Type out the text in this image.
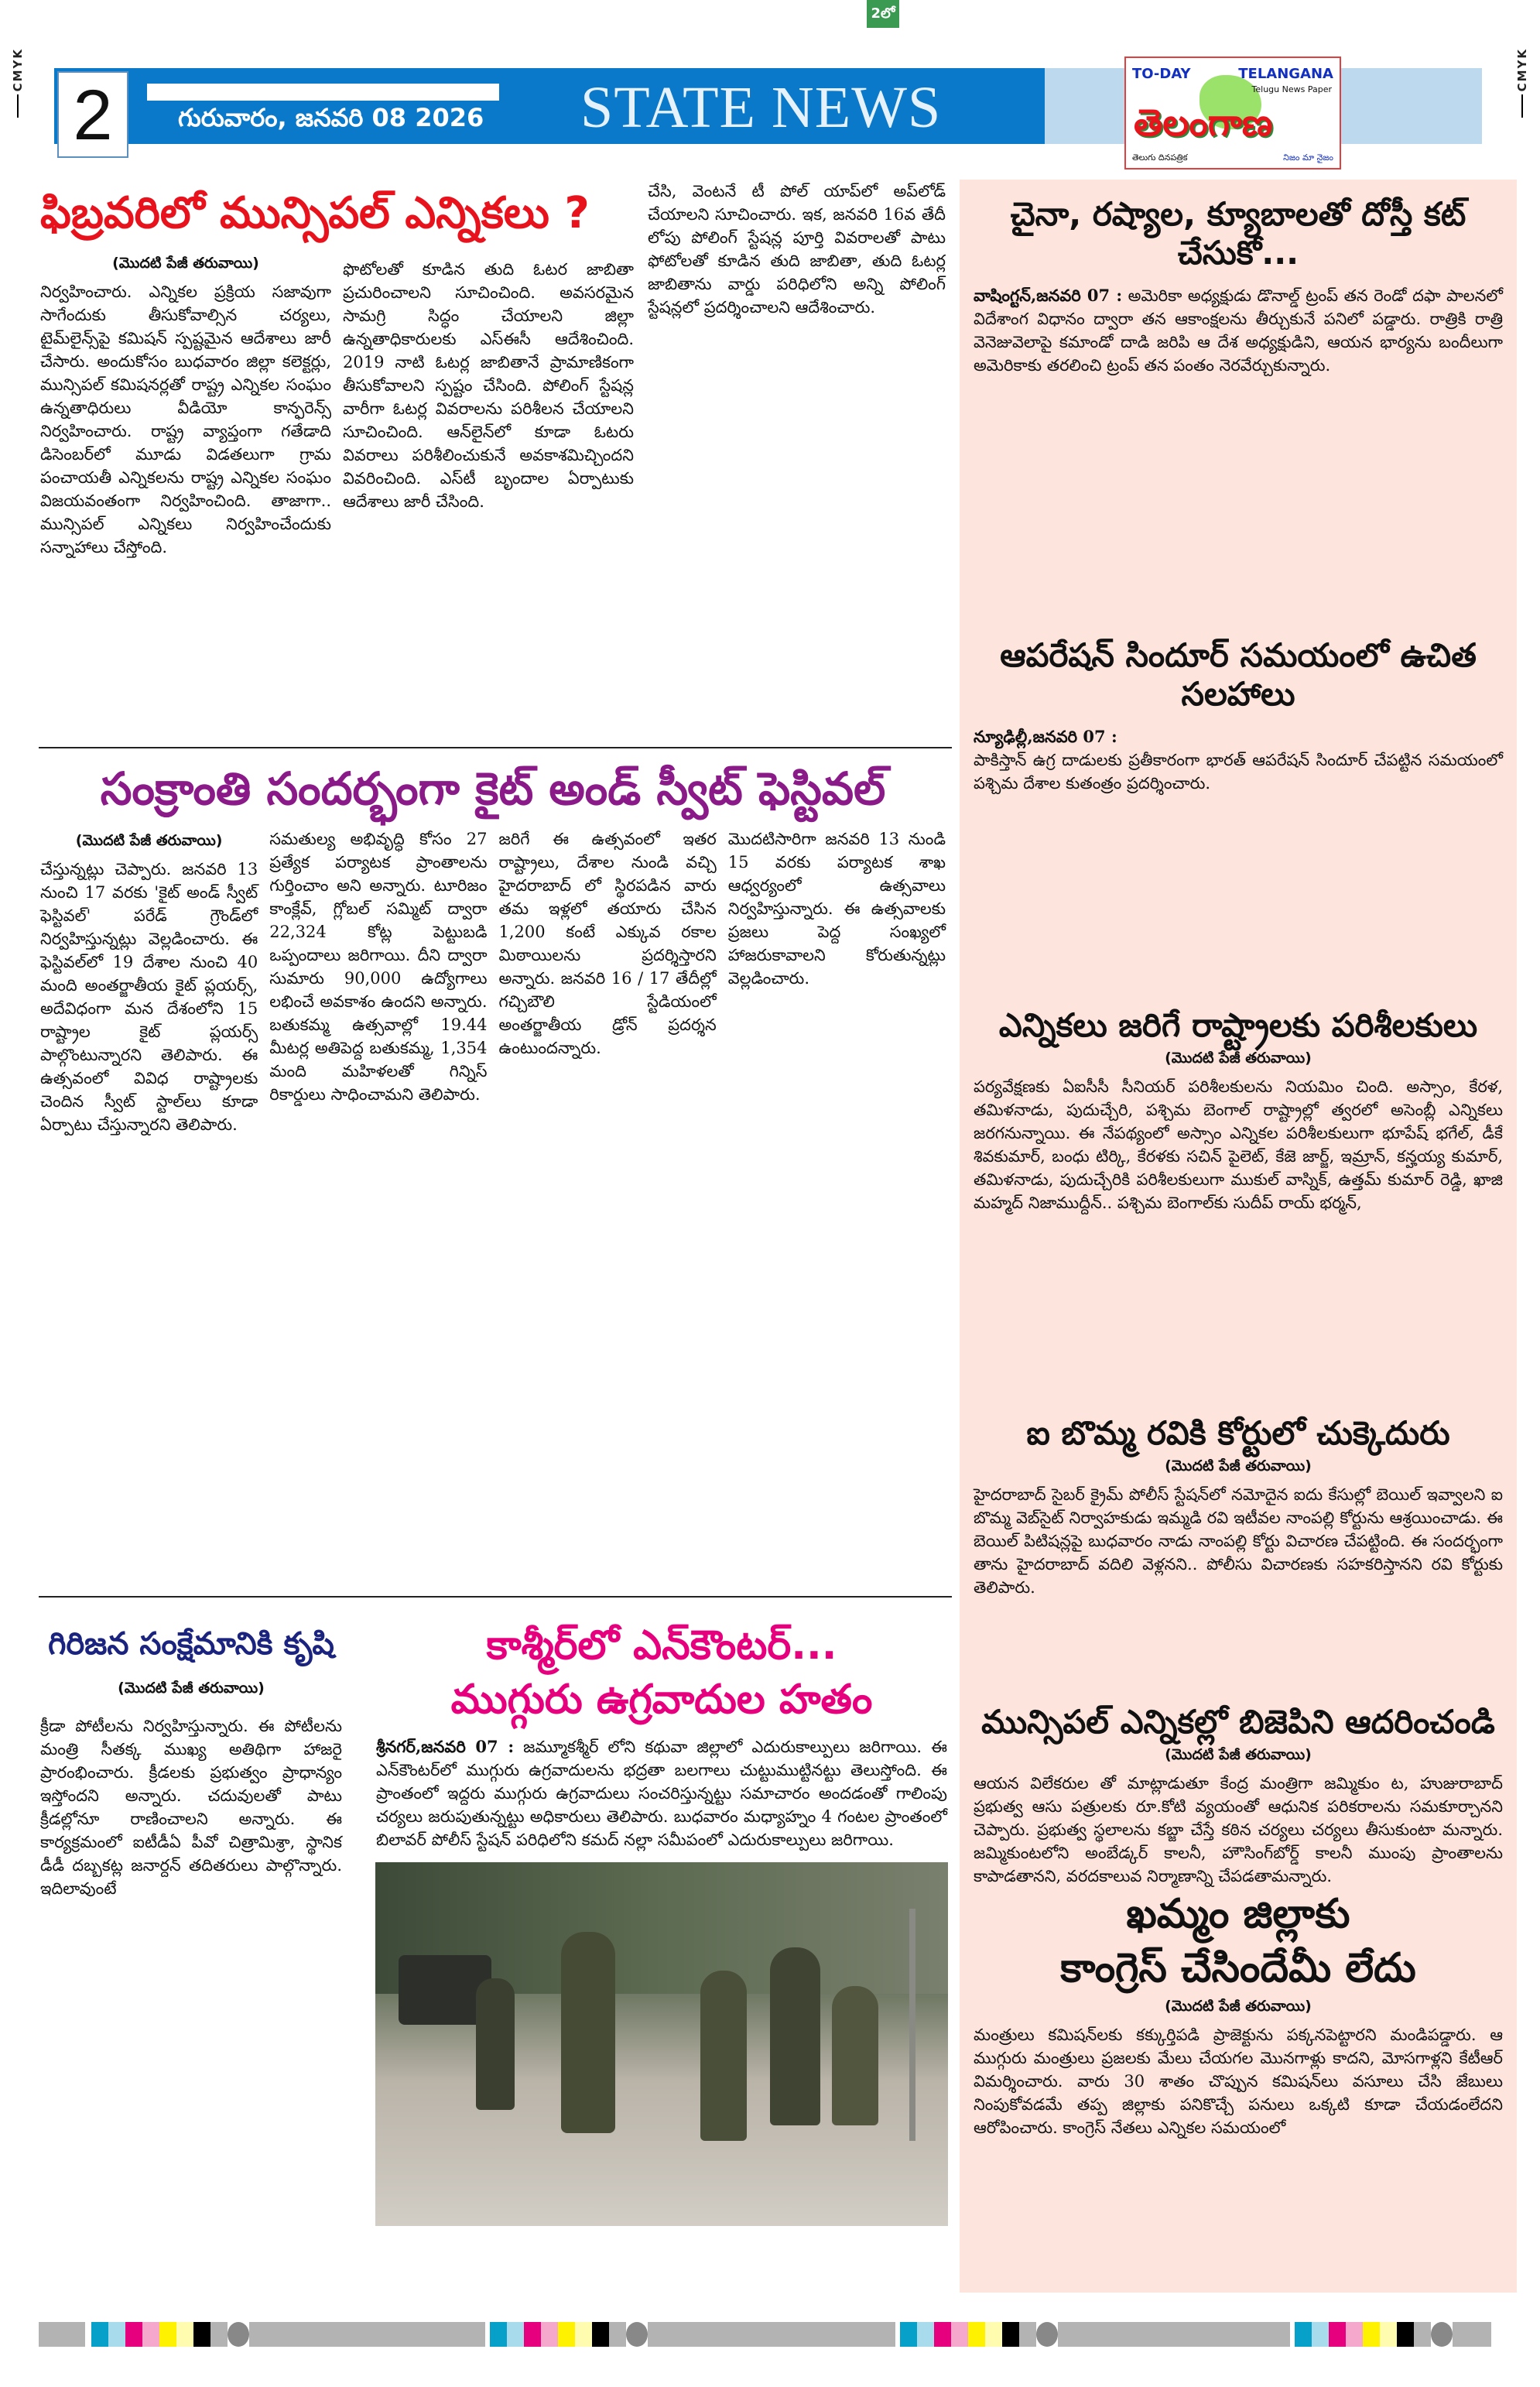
2లో
CMYK	CMYK
2	గురువారం, జనవరి 08 2026 STATE NEWS
TO-DAY	TELANGANA
Telugu News Paper
తెలంగాణ
తెలుగు దినపత్రిక	నిజం మా నైజం
ఫిబ్రవరిలో మున్సిపల్ ఎన్నికలు ?
(మొదటి పేజీ తరువాయి)

నిర్వహించారు. ఎన్నికల ప్రక్రియ సజావుగా సాగేందుకు తీసుకోవాల్సిన చర్యలు, టైమ్‌లైన్స్‌పై కమిషన్ స్పష్టమైన ఆదేశాలు జారీ చేసారు. అందుకోసం బుధవారం జిల్లా కలెక్టర్లు, మున్సిపల్ కమిషనర్లతో రాష్ట్ర ఎన్నికల సంఘం ఉన్నతాధిరులు వీడియో కాన్ఫరెన్స్ నిర్వహించారు. రాష్ట్ర వ్యాప్తంగా గతేడాది డిసెంబర్‌లో మూడు విడతలుగా గ్రామ పంచాయతీ ఎన్నికలను రాష్ట్ర ఎన్నికల సంఘం విజయవంతంగా నిర్వహించింది. తాజాగా.. మున్సిపల్ ఎన్నికలు నిర్వహించేందుకు సన్నాహాలు చేస్తోంది.

ఫొటోలతో కూడిన తుది ఓటర జాబితా ప్రచురించాలని సూచించింది. అవసరమైన సామగ్రి సిద్ధం చేయాలని జిల్లా ఉన్నతాధికారులకు ఎస్ఈసీ ఆదేశించింది. 2019 నాటి ఓటర్ల జాబితానే ప్రామాణికంగా తీసుకోవాలని స్పష్టం చేసింది. పోలింగ్ స్టేషన్ల వారీగా ఓటర్ల వివరాలను పరిశీలన చేయాలని సూచించింది. ఆన్‌లైన్‌లో కూడా ఓటరు వివరాలు పరిశీలించుకునే అవకాశమిచ్చిందని వివరించింది. ఎస్‌టీ బృందాల ఏర్పాటుకు ఆదేశాలు జారీ చేసింది.

చేసి, వెంటనే టీ పోల్ యాప్‌లో అప్‌లోడ్ చేయాలని సూచించారు. ఇక, జనవరి 16వ తేదీ లోపు పోలింగ్ స్టేషన్ల పూర్తి వివరాలతో పాటు ఫోటోలతో కూడిన తుది జాబితా, తుది ఓటర్ల జాబితాను వార్డు పరిధిలోని అన్ని పోలింగ్ స్టేషన్లలో ప్రదర్శించాలని ఆదేశించారు.

సంక్రాంతి సందర్భంగా కైట్ అండ్ స్వీట్ ఫెస్టివల్
(మొదటి పేజీ తరువాయి)

చేస్తున్నట్లు చెప్పారు. జనవరి 13 నుంచి 17 వరకు 'కైట్ అండ్ స్వీట్ ఫెస్టివల్' పరేడ్ గ్రౌండ్‌లో నిర్వహిస్తున్నట్లు వెల్లడించారు. ఈ ఫెస్టివల్‌లో 19 దేశాల నుంచి 40 మంది అంతర్జాతీయ కైట్ ప్లయర్స్, అదేవిధంగా మన దేశంలోని 15 రాష్ట్రాల కైట్ ప్లయర్స్ పాల్గొంటున్నారని తెలిపారు. ఈ ఉత్సవంలో వివిధ రాష్ట్రాలకు చెందిన స్వీట్ స్టాల్‌లు కూడా ఏర్పాటు చేస్తున్నారని తెలిపారు.

సమతుల్య అభివృద్ధి కోసం 27 ప్రత్యేక పర్యాటక ప్రాంతాలను గుర్తించాం అని అన్నారు. టూరిజం కాంక్లేవ్, గ్లోబల్ సమ్మిట్ ద్వారా 22,324 కోట్ల పెట్టుబడి ఒప్పందాలు జరిగాయి. దీని ద్వారా సుమారు 90,000 ఉద్యోగాలు లభించే అవకాశం ఉందని అన్నారు. బతుకమ్మ ఉత్సవాల్లో 19.44 మీటర్ల అతిపెద్ద బతుకమ్మ, 1,354 మంది మహిళలతో గిన్నిస్ రికార్డులు సాధించామని తెలిపారు.

జరిగే ఈ ఉత్సవంలో ఇతర రాష్ట్రాలు, దేశాల నుండి వచ్చి హైదరాబాద్ లో స్థిరపడిన వారు తమ ఇళ్లలో తయారు చేసిన 1,200 కంటే ఎక్కువ రకాల మిఠాయిలను ప్రదర్శిస్తారని అన్నారు. జనవరి 16 / 17 తేదీల్లో గచ్చిబౌలి స్టేడియంలో అంతర్జాతీయ డ్రోన్ ప్రదర్శన ఉంటుందన్నారు.

మొదటిసారిగా జనవరి 13 నుండి 15 వరకు పర్యాటక శాఖ ఆధ్వర్యంలో ఉత్సవాలు నిర్వహిస్తున్నారు. ఈ ఉత్సవాలకు ప్రజలు పెద్ద సంఖ్యలో హాజరుకావాలని కోరుతున్నట్లు వెల్లడించారు.

గిరిజన సంక్షేమానికి కృషి
(మొదటి పేజీ తరువాయి)

క్రీడా పోటీలను నిర్వహిస్తున్నారు. ఈ పోటీలను మంత్రి సీతక్క ముఖ్య అతిథిగా హాజరై ప్రారంభించారు. క్రీడలకు ప్రభుత్వం ప్రాధాన్యం ఇస్తోందని అన్నారు. చదువులతో పాటు క్రీడల్లోనూ రాణించాలని అన్నారు. ఈ కార్యక్రమంలో ఐటీడీఏ పీవో చిత్రామిశ్రా, స్థానిక డీడీ దబ్బకట్ల జనార్దన్ తదితరులు పాల్గొన్నారు. ఇదిలావుంటే

కాశ్మీర్‌లో ఎన్‌కౌంటర్...
ముగ్గురు ఉగ్రవాదుల హతం

శ్రీనగర్,జనవరి 07 : జమ్మూకశ్మీర్ లోని కథువా జిల్లాలో ఎదురుకాల్పులు జరిగాయి. ఈ ఎన్‌కౌంటర్‌లో ముగ్గురు ఉగ్రవాదులను భద్రతా బలగాలు చుట్టుముట్టినట్టు తెలుస్తోంది. ఈ ప్రాంతంలో ఇద్దరు ముగ్గురు ఉగ్రవాదులు సంచరిస్తున్నట్టు సమాచారం అందడంతో గాలింపు చర్యలు జరుపుతున్నట్టు అధికారులు తెలిపారు. బుధవారం మధ్యాహ్నం 4 గంటల ప్రాంతంలో బిలావర్ పోలీస్ స్టేషన్ పరిధిలోని కమద్ నల్లా సమీపంలో ఎదురుకాల్పులు జరిగాయి.

చైనా, రష్యాల, క్యూబాలతో దోస్తీ కట్ చేసుకో...

వాషింగ్టన్,జనవరి 07 : అమెరికా అధ్యక్షుడు డొనాల్డ్ ట్రంప్ తన రెండో దఫా పాలనలో విదేశాంగ విధానం ద్వారా తన ఆకాంక్షలను తీర్చుకునే పనిలో పడ్డారు. రాత్రికి రాత్రి వెనెజువెలాపై కమాండో దాడి జరిపి ఆ దేశ అధ్యక్షుడిని, ఆయన భార్యను బందీలుగా అమెరికాకు తరలించి ట్రంప్ తన పంతం నెరవేర్చుకున్నారు.

ఆపరేషన్ సిందూర్ సమయంలో ఉచిత సలహాలు

న్యూఢిల్లీ,జనవరి 07 :
పాకిస్తాన్ ఉగ్ర దాడులకు ప్రతీకారంగా భారత్ ఆపరేషన్ సిందూర్ చేపట్టిన సమయంలో పశ్చిమ దేశాల కుతంత్రం ప్రదర్శించారు.

ఎన్నికలు జరిగే రాష్ట్రాలకు పరిశీలకులు
(మొదటి పేజీ తరువాయి)

పర్యవేక్షణకు ఏఐసీసీ సీనియర్ పరిశీలకులను నియమిం చింది. అస్సాం, కేరళ, తమిళనాడు, పుదుచ్చేరి, పశ్చిమ బెంగాల్ రాష్ట్రాల్లో త్వరలో అసెంబ్లీ ఎన్నికలు జరగనున్నాయి. ఈ నేపథ్యంలో అస్సాం ఎన్నికల పరిశీలకులుగా భూపేష్ భగేల్, డీకే శివకుమార్, బంధు టిర్కి, కేరళకు సచిన్ పైలెట్, కేజె జార్జ్, ఇమ్రాన్, కన్హయ్య కుమార్, తమిళనాడు, పుదుచ్చేరికి పరిశీలకులుగా ముకుల్ వాస్నిక్, ఉత్తమ్ కుమార్ రెడ్డి, ఖాజి మహ్మద్ నిజాముద్దీన్.. పశ్చిమ బెంగాల్‌కు సుదీప్ రాయ్ భర్మన్,

ఐ బొమ్మ రవికి కోర్టులో చుక్కెదురు
(మొదటి పేజీ తరువాయి)

హైదరాబాద్ సైబర్ క్రైమ్ పోలీస్ స్టేషన్‌లో నమోదైన ఐదు కేసుల్లో బెయిల్ ఇవ్వాలని ఐ బొమ్మ వెబ్‌సైట్ నిర్వాహకుడు ఇమ్మడి రవి ఇటీవల నాంపల్లి కోర్టును ఆశ్రయించాడు. ఈ బెయిల్ పిటిషన్లపై బుధవారం నాడు నాంపల్లి కోర్టు విచారణ చేపట్టింది. ఈ సందర్భంగా తాను హైదరాబాద్ వదిలి వెళ్లనని.. పోలీసు విచారణకు సహకరిస్తానని రవి కోర్టుకు తెలిపారు.

మున్సిపల్ ఎన్నికల్లో బిజెపిని ఆదరించండి
(మొదటి పేజీ తరువాయి)

ఆయన విలేకరుల తో మాట్లాడుతూ కేంద్ర మంత్రిగా జమ్మికుం ట, హుజురాబాద్ ప్రభుత్వ ఆసు పత్రులకు రూ.కోటి వ్యయంతో ఆధునిక పరికరాలను సమకూర్చానని చెప్పారు. ప్రభుత్వ స్థలాలను కబ్జా చేస్తే కఠిన చర్యలు చర్యలు తీసుకుంటా మన్నారు. జమ్మికుంటలోని అంబేడ్కర్ కాలనీ, హౌసింగ్‌బోర్డ్ కాలనీ ముంపు ప్రాంతాలను కాపాడతానని, వరదకాలువ నిర్మాణాన్ని చేపడతామన్నారు.

ఖమ్మం జిల్లాకు
కాంగ్రెస్ చేసిందేమీ లేదు
(మొదటి పేజీ తరువాయి)

మంత్రులు కమిషన్‌లకు కక్కుర్తిపడి ప్రాజెక్టును పక్కనపెట్టారని మండిపడ్డారు. ఆ ముగ్గురు మంత్రులు ప్రజలకు మేలు చేయగల మొనగాళ్లు కాదని, మోసగాళ్లని కేటీఆర్ విమర్శించారు. వారు 30 శాతం చొప్పున కమిషన్‌లు వసూలు చేసి జేబులు నింపుకోవడమే తప్ప జిల్లాకు పనికొచ్చే పనులు ఒక్కటి కూడా చేయడంలేదని ఆరోపించారు. కాంగ్రెస్ నేతలు ఎన్నికల సమయంలో
